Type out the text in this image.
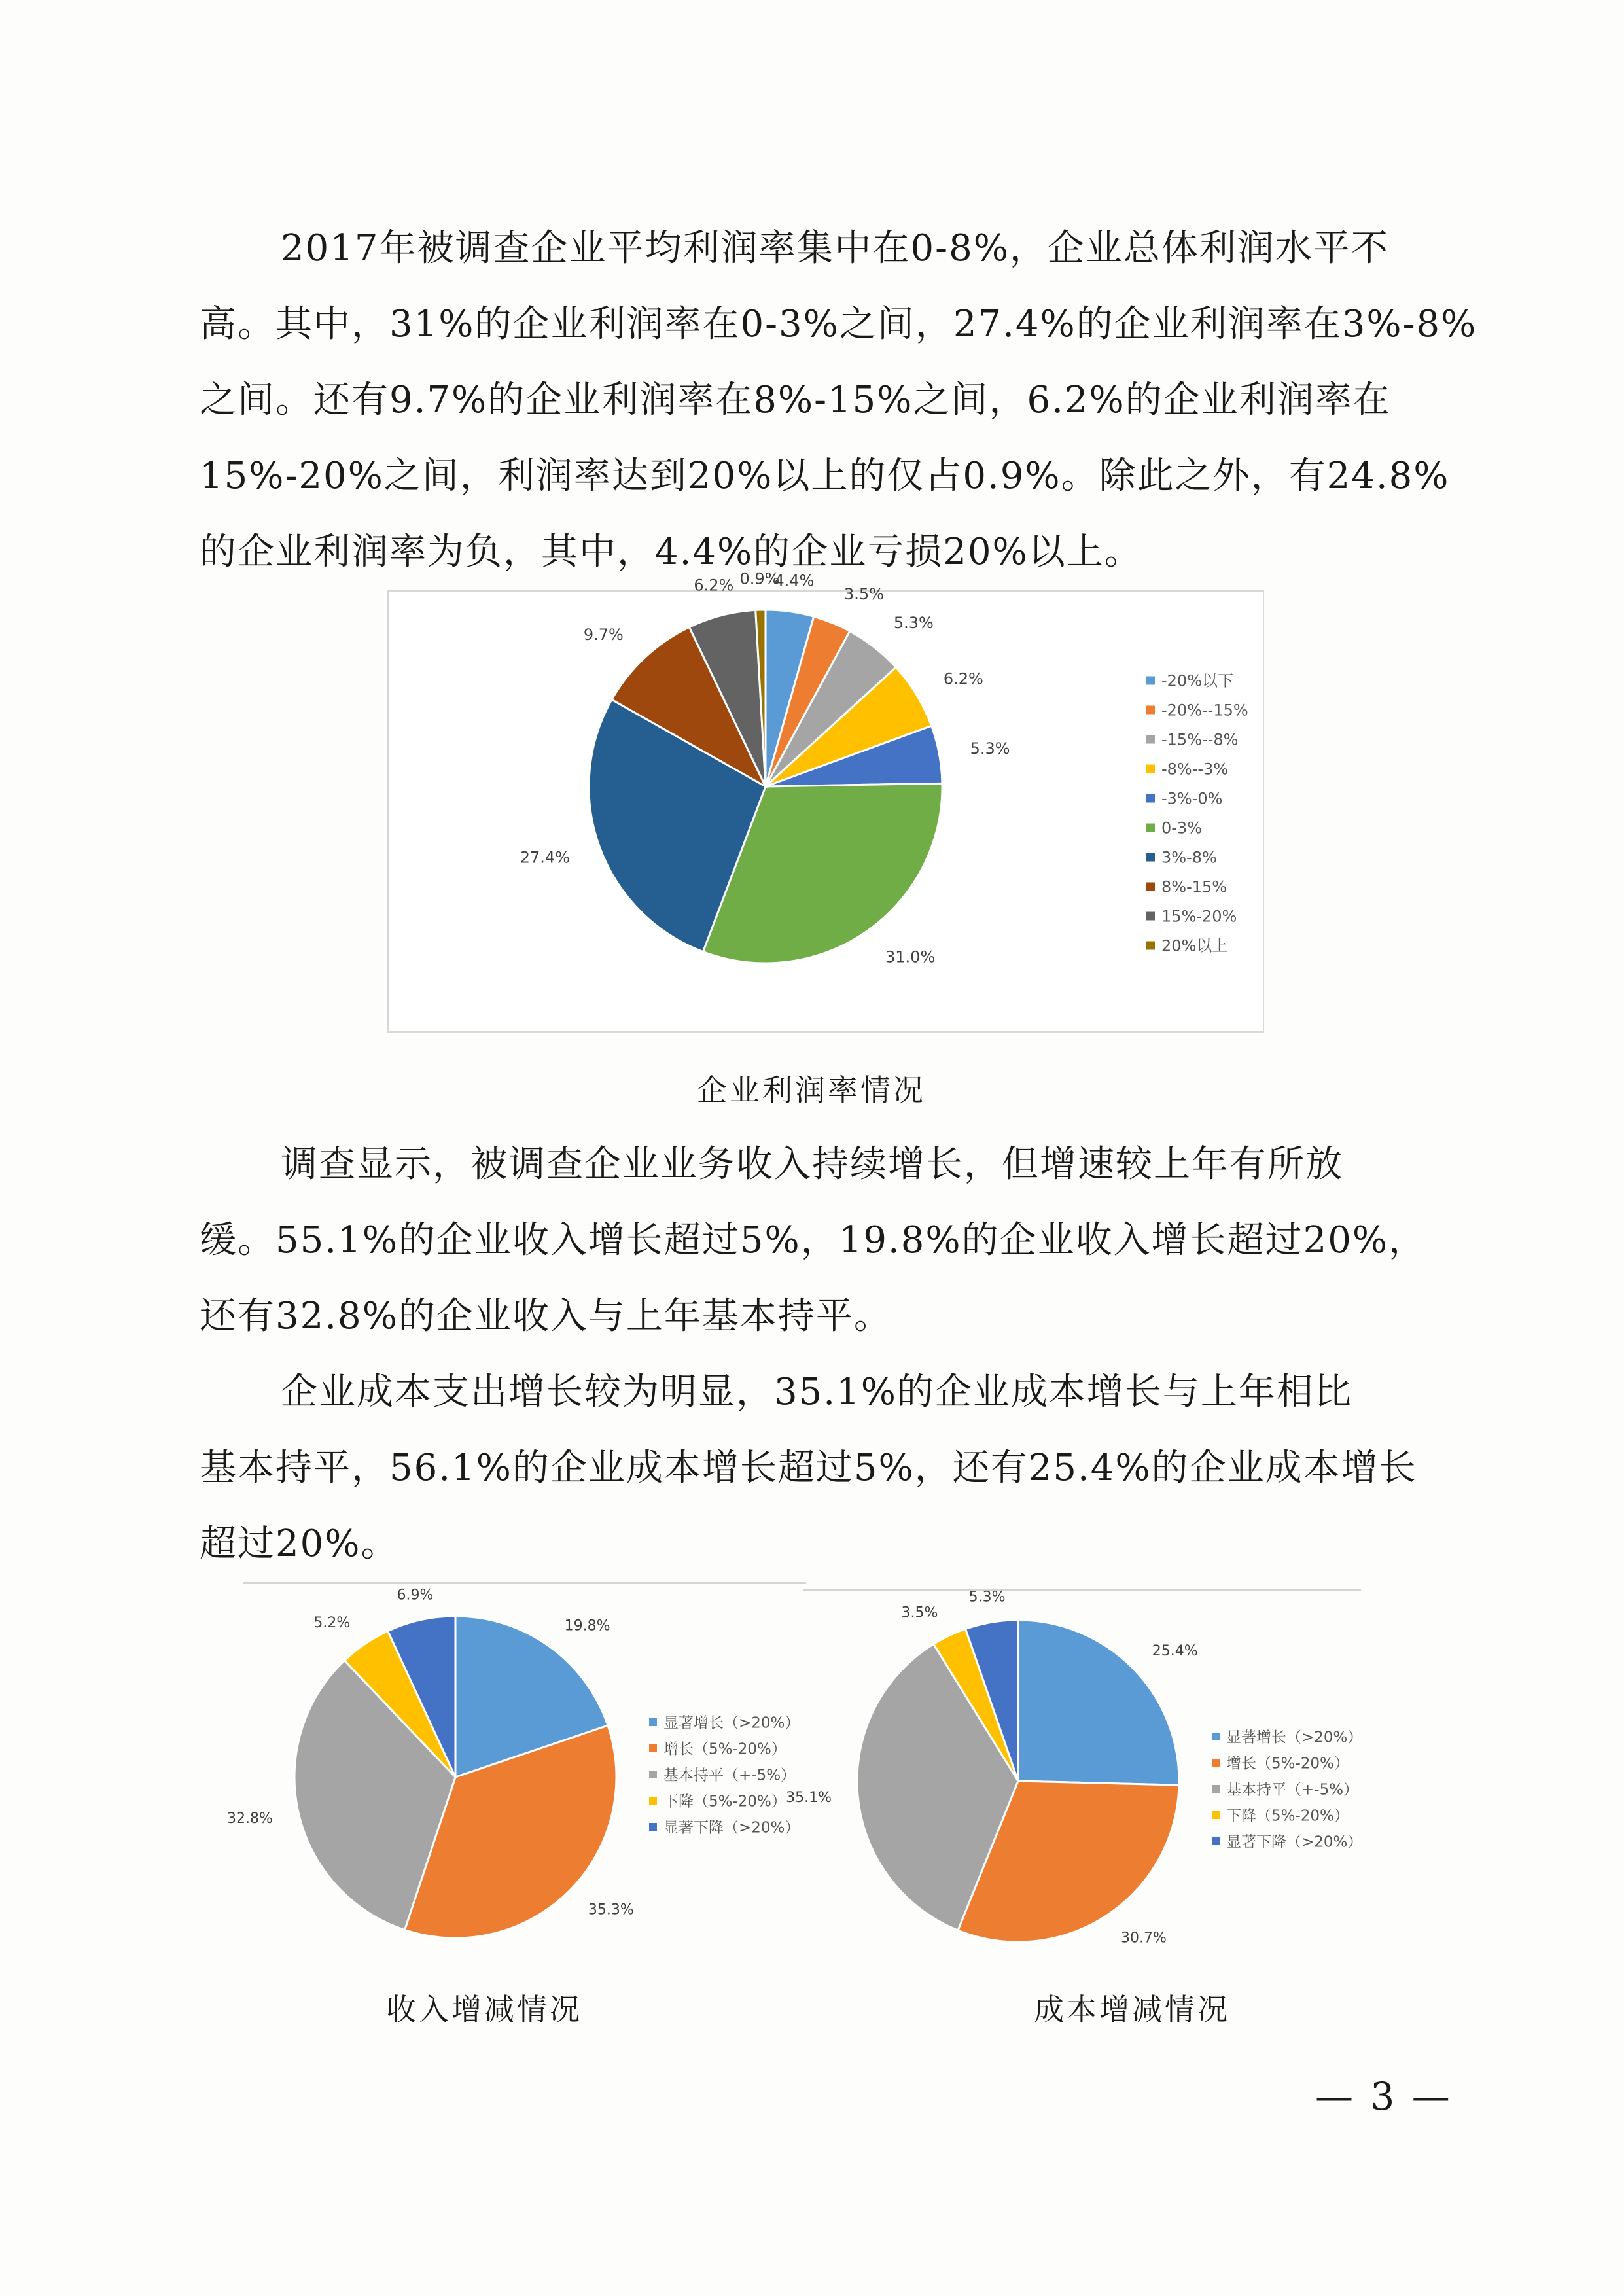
2017年被调查企业平均利润率集中在0-8%，企业总体利润水平不
高。其中，31%的企业利润率在0-3%之间，27.4%的企业利润率在3%-8%
之间。还有9.7%的企业利润率在8%-15%之间，6.2%的企业利润率在
15%-20%之间，利润率达到20%以上的仅占0.9%。除此之外，有24.8%
的企业利润率为负，其中，4.4%的企业亏损20%以上。
4.4%
3.5%
5.3%
6.2%
5.3%
31.0%
27.4%
9.7%
6.2% 0.9%
-20%以下
-20%--15%
-15%--8%
-8%--3%
-3%-0%
0-3%
3%-8%
8%-15%
15%-20%
20%以上
企业利润率情况
调查显示，被调查企业业务收入持续增长，但增速较上年有所放
缓。55.1%的企业收入增长超过5%，19.8%的企业收入增长超过20%，
还有32.8%的企业收入与上年基本持平。
企业成本支出增长较为明显，35.1%的企业成本增长与上年相比
基本持平，56.1%的企业成本增长超过5%，还有25.4%的企业成本增长
超过20%。
19.8%
35.3%
32.8%
5.2%
6.9%
显著增长（>20%）
增长（5%-20%）
基本持平（+-5%）
下降（5%-20%）
显著下降（>20%）
收入增减情况
25.4%
30.7%
35.1%
3.5%
5.3%
显著增长（>20%）
增长（5%-20%）
基本持平（+-5%）
下降（5%-20%）
显著下降（>20%）
成本增减情况
— 3 —
